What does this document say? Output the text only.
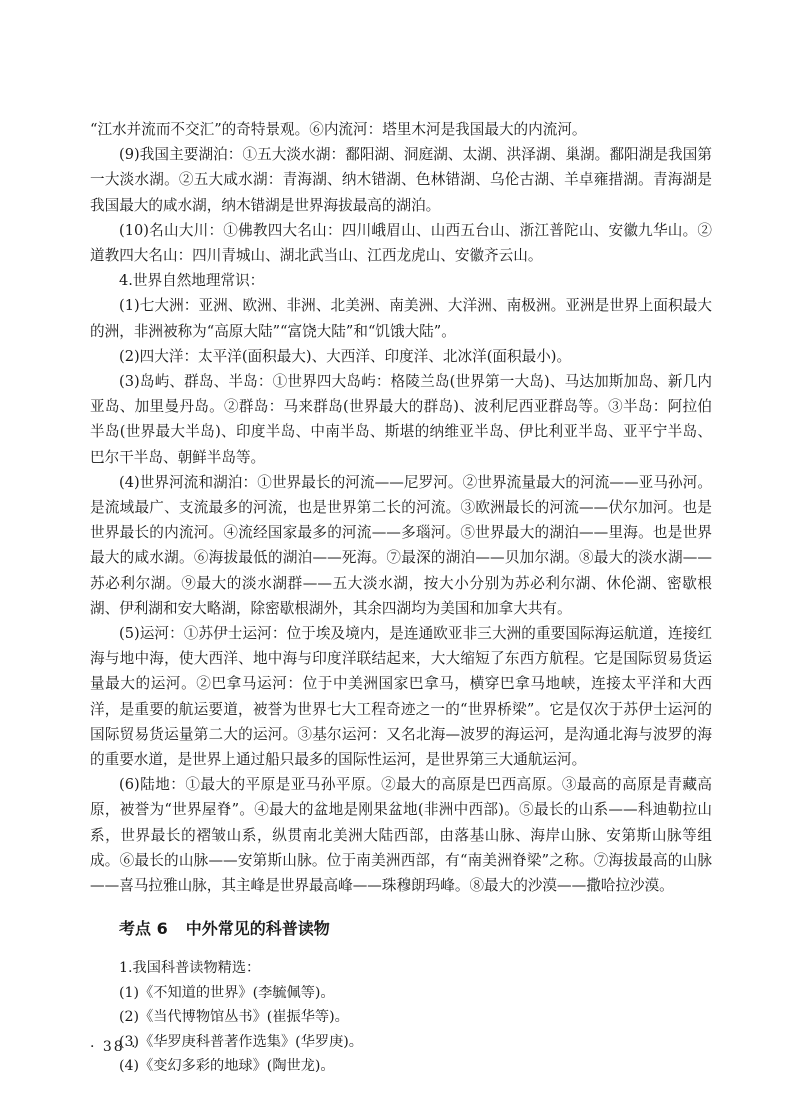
“江水并流而不交汇”的奇特景观。⑥内流河：塔里木河是我国最大的内流河。

(9)我国主要湖泊：①五大淡水湖：鄱阳湖、洞庭湖、太湖、洪泽湖、巢湖。鄱阳湖是我国第一大淡水湖。②五大咸水湖：青海湖、纳木错湖、色林错湖、乌伦古湖、羊卓雍措湖。青海湖是我国最大的咸水湖，纳木错湖是世界海拔最高的湖泊。

(10)名山大川：①佛教四大名山：四川峨眉山、山西五台山、浙江普陀山、安徽九华山。②道教四大名山：四川青城山、湖北武当山、江西龙虎山、安徽齐云山。

4.世界自然地理常识：

(1)七大洲：亚洲、欧洲、非洲、北美洲、南美洲、大洋洲、南极洲。亚洲是世界上面积最大的洲，非洲被称为“高原大陆”“富饶大陆”和“饥饿大陆”。

(2)四大洋：太平洋(面积最大)、大西洋、印度洋、北冰洋(面积最小)。

(3)岛屿、群岛、半岛：①世界四大岛屿：格陵兰岛(世界第一大岛)、马达加斯加岛、新几内亚岛、加里曼丹岛。②群岛：马来群岛(世界最大的群岛)、波利尼西亚群岛等。③半岛：阿拉伯半岛(世界最大半岛)、印度半岛、中南半岛、斯堪的纳维亚半岛、伊比利亚半岛、亚平宁半岛、巴尔干半岛、朝鲜半岛等。

(4)世界河流和湖泊：①世界最长的河流——尼罗河。②世界流量最大的河流——亚马孙河。是流域最广、支流最多的河流，也是世界第二长的河流。③欧洲最长的河流——伏尔加河。也是世界最长的内流河。④流经国家最多的河流——多瑙河。⑤世界最大的湖泊——里海。也是世界最大的咸水湖。⑥海拔最低的湖泊——死海。⑦最深的湖泊——贝加尔湖。⑧最大的淡水湖——苏必利尔湖。⑨最大的淡水湖群——五大淡水湖，按大小分别为苏必利尔湖、休伦湖、密歇根湖、伊利湖和安大略湖，除密歇根湖外，其余四湖均为美国和加拿大共有。

(5)运河：①苏伊士运河：位于埃及境内，是连通欧亚非三大洲的重要国际海运航道，连接红海与地中海，使大西洋、地中海与印度洋联结起来，大大缩短了东西方航程。它是国际贸易货运量最大的运河。②巴拿马运河：位于中美洲国家巴拿马，横穿巴拿马地峡，连接太平洋和大西洋，是重要的航运要道，被誉为世界七大工程奇迹之一的“世界桥梁”。它是仅次于苏伊士运河的国际贸易货运量第二大的运河。③基尔运河：又名北海—波罗的海运河，是沟通北海与波罗的海的重要水道，是世界上通过船只最多的国际性运河，是世界第三大通航运河。

(6)陆地：①最大的平原是亚马孙平原。②最大的高原是巴西高原。③最高的高原是青藏高原，被誉为“世界屋脊”。④最大的盆地是刚果盆地(非洲中西部)。⑤最长的山系——科迪勒拉山系，世界最长的褶皱山系，纵贯南北美洲大陆西部，由落基山脉、海岸山脉、安第斯山脉等组成。⑥最长的山脉——安第斯山脉。位于南美洲西部，有“南美洲脊梁”之称。⑦海拔最高的山脉——喜马拉雅山脉，其主峰是世界最高峰——珠穆朗玛峰。⑧最大的沙漠——撒哈拉沙漠。

考点 6 中外常见的科普读物

1.我国科普读物精选：

(1)《不知道的世界》(李毓佩等)。

(2)《当代博物馆丛书》(崔振华等)。

(3)《华罗庚科普著作选集》(华罗庚)。

(4)《变幻多彩的地球》(陶世龙)。

· 38 ·
